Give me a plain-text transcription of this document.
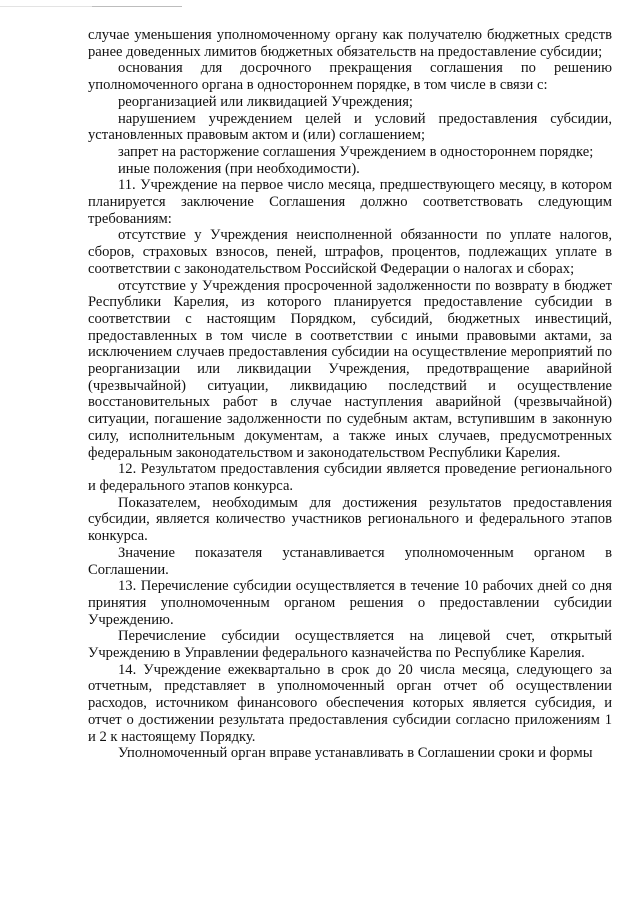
случае уменьшения уполномоченному органу как получателю бюджетных средств ранее доведенных лимитов бюджетных обязательств на предоставление субсидии;

основания для досрочного прекращения соглашения по решению уполномоченного органа в одностороннем порядке, в том числе в связи с:

реорганизацией или ликвидацией Учреждения;

нарушением учреждением целей и условий предоставления субсидии, установленных правовым актом и (или) соглашением;

запрет на расторжение соглашения Учреждением в одностороннем порядке;

иные положения (при необходимости).

11. Учреждение на первое число месяца, предшествующего месяцу, в котором планируется заключение Соглашения должно соответствовать следующим требованиям:

отсутствие у Учреждения неисполненной обязанности по уплате налогов, сборов, страховых взносов, пеней, штрафов, процентов, подлежащих уплате в соответствии с законодательством Российской Федерации о налогах и сборах;

отсутствие у Учреждения просроченной задолженности по возврату в бюджет Республики Карелия, из которого планируется предоставление субсидии в соответствии с настоящим Порядком, субсидий, бюджетных инвестиций, предоставленных в том числе в соответствии с иными правовыми актами, за исключением случаев предоставления субсидии на осуществление мероприятий по реорганизации или ликвидации Учреждения, предотвращение аварийной (чрезвычайной) ситуации, ликвидацию последствий и осуществление восстановительных работ в случае наступления аварийной (чрезвычайной) ситуации, погашение задолженности по судебным актам, вступившим в законную силу, исполнительным документам, а также иных случаев, предусмотренных федеральным законодательством и законодательством Республики Карелия.

12. Результатом предоставления субсидии является проведение регионального и федерального этапов конкурса.

Показателем, необходимым для достижения результатов предоставления субсидии, является количество участников регионального и федерального этапов конкурса.

Значение показателя устанавливается уполномоченным органом в Соглашении.

13. Перечисление субсидии осуществляется в течение 10 рабочих дней со дня принятия уполномоченным органом решения о предоставлении субсидии Учреждению.

Перечисление субсидии осуществляется на лицевой счет, открытый Учреждению в Управлении федерального казначейства по Республике Карелия.

14. Учреждение ежеквартально в срок до 20 числа месяца, следующего за отчетным, представляет в уполномоченный орган отчет об осуществлении расходов, источником финансового обеспечения которых является субсидия, и отчет о достижении результата предоставления субсидии согласно приложениям 1 и 2 к настоящему Порядку.

Уполномоченный орган вправе устанавливать в Соглашении сроки и формы
